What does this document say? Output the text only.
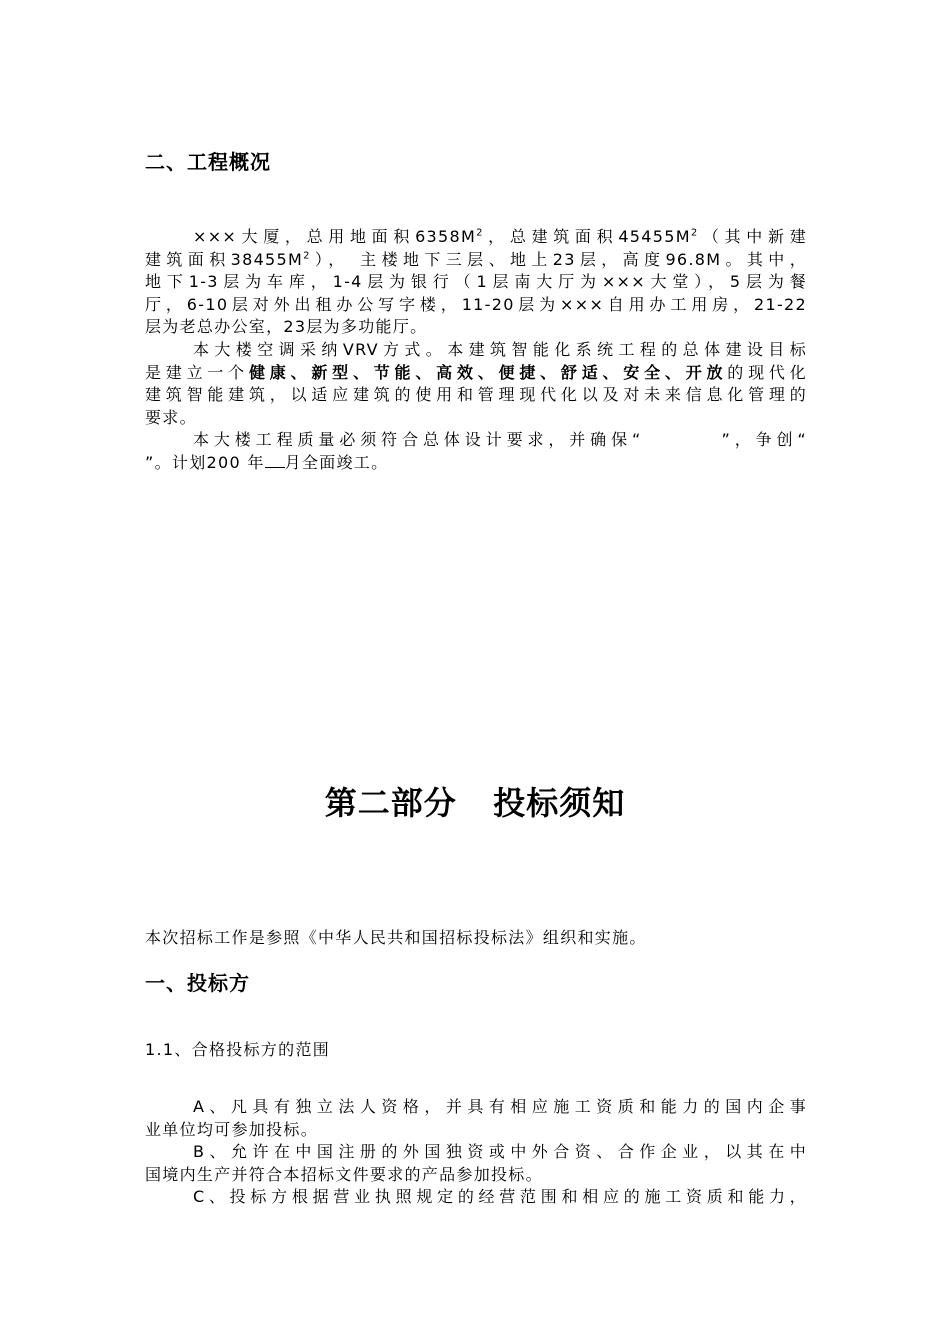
二、工程概况
×××大厦，总用地面积$6358M^2$，总建筑面积$45455M^2$（其中新建
建筑面积$38455M^2$）， 主楼地下三层、地上23层，高度96.8M。其中，
地下1-3层为车库，1-4层为银行（1层南大厅为×××大堂），5层为餐
厅，6-10层对外出租办公写字楼，11-20层为×××自用办工用房，21-22
层为老总办公室，23层为多功能厅。
本大楼空调采纳VRV方式。本建筑智能化系统工程的总体建设目标
是建立一个健康、新型、节能、高效、便捷、舒适、安全、开放的现代化
建筑智能建筑，以适应建筑的使用和管理现代化以及对未来信息化管理的
要求。
本大楼工程质量必须符合总体设计要求，并确保“        ”，争创“
”。计划200 年 月全面竣工。
第二部分   投标须知
本次招标工作是参照《中华人民共和国招标投标法》组织和实施。
一、投标方
1.1、合格投标方的范围
A、凡具有独立法人资格，并具有相应施工资质和能力的国内企事
业单位均可参加投标。
B、允许在中国注册的外国独资或中外合资、合作企业，以其在中
国境内生产并符合本招标文件要求的产品参加投标。
C、投标方根据营业执照规定的经营范围和相应的施工资质和能力，
